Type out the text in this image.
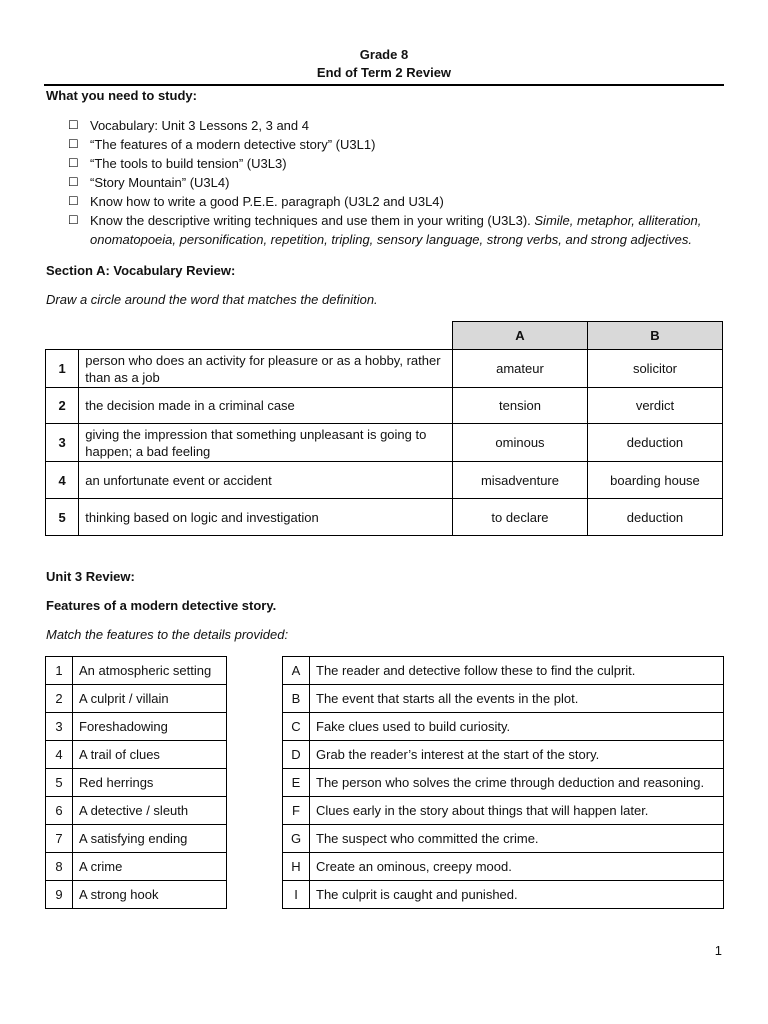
Grade 8
End of Term 2 Review
What you need to study:
☐ Vocabulary: Unit 3 Lessons 2, 3 and 4
☐ “The features of a modern detective story” (U3L1)
☐ “The tools to build tension” (U3L3)
☐ “Story Mountain” (U3L4)
☐ Know how to write a good P.E.E. paragraph (U3L2 and U3L4)
☐ Know the descriptive writing techniques and use them in your writing (U3L3). Simile, metaphor, alliteration, onomatopoeia, personification, repetition, tripling, sensory language, strong verbs, and strong adjectives.
Section A: Vocabulary Review:
Draw a circle around the word that matches the definition.
		A	B
1	person who does an activity for pleasure or as a hobby, rather than as a job	amateur	solicitor
2	the decision made in a criminal case	tension	verdict
3	giving the impression that something unpleasant is going to happen; a bad feeling	ominous	deduction
4	an unfortunate event or accident	misadventure	boarding house
5	thinking based on logic and investigation	to declare	deduction
Unit 3 Review:
Features of a modern detective story.
Match the features to the details provided:
1	An atmospheric setting
2	A culprit / villain
3	Foreshadowing
4	A trail of clues
5	Red herrings
6	A detective / sleuth
7	A satisfying ending
8	A crime
9	A strong hook
A	The reader and detective follow these to find the culprit.
B	The event that starts all the events in the plot.
C	Fake clues used to build curiosity.
D	Grab the reader’s interest at the start of the story.
E	The person who solves the crime through deduction and reasoning.
F	Clues early in the story about things that will happen later.
G	The suspect who committed the crime.
H	Create an ominous, creepy mood.
I	The culprit is caught and punished.
1
